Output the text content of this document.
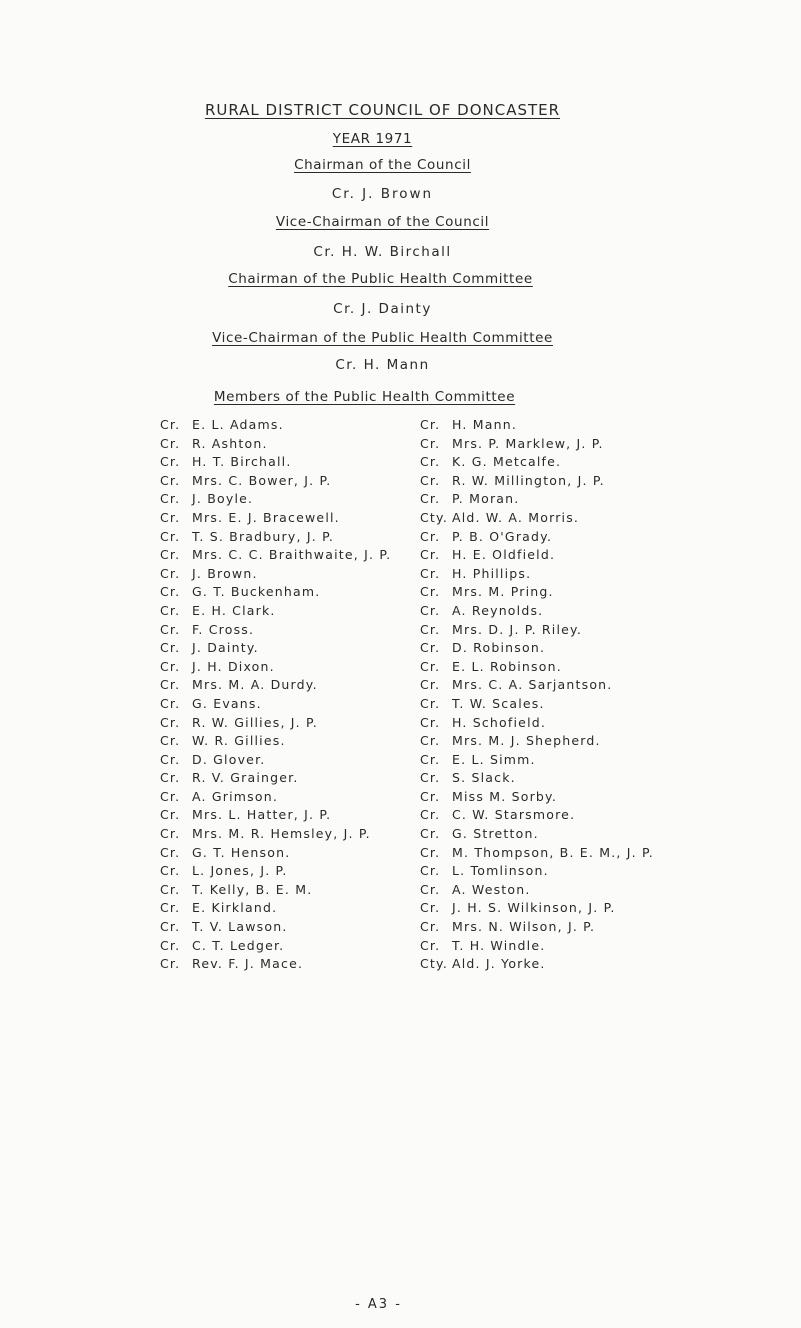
RURAL DISTRICT COUNCIL OF DONCASTER
YEAR 1971
Chairman of the Council
Cr. J. Brown
Vice-Chairman of the Council
Cr. H. W. Birchall
Chairman of the Public Health Committee
Cr. J. Dainty
Vice-Chairman of the Public Health Committee
Cr. H. Mann
Members of the Public Health Committee
Cr. E. L. Adams.
Cr. R. Ashton.
Cr. H. T. Birchall.
Cr. Mrs. C. Bower, J. P.
Cr. J. Boyle.
Cr. Mrs. E. J. Bracewell.
Cr. T. S. Bradbury, J. P.
Cr. Mrs. C. C. Braithwaite, J. P.
Cr. J. Brown.
Cr. G. T. Buckenham.
Cr. E. H. Clark.
Cr. F. Cross.
Cr. J. Dainty.
Cr. J. H. Dixon.
Cr. Mrs. M. A. Durdy.
Cr. G. Evans.
Cr. R. W. Gillies, J. P.
Cr. W. R. Gillies.
Cr. D. Glover.
Cr. R. V. Grainger.
Cr. A. Grimson.
Cr. Mrs. L. Hatter, J. P.
Cr. Mrs. M. R. Hemsley, J. P.
Cr. G. T. Henson.
Cr. L. Jones, J. P.
Cr. T. Kelly, B. E. M.
Cr. E. Kirkland.
Cr. T. V. Lawson.
Cr. C. T. Ledger.
Cr. Rev. F. J. Mace.
Cr. H. Mann.
Cr. Mrs. P. Marklew, J. P.
Cr. K. G. Metcalfe.
Cr. R. W. Millington, J. P.
Cr. P. Moran.
Cty. Ald. W. A. Morris.
Cr. P. B. O'Grady.
Cr. H. E. Oldfield.
Cr. H. Phillips.
Cr. Mrs. M. Pring.
Cr. A. Reynolds.
Cr. Mrs. D. J. P. Riley.
Cr. D. Robinson.
Cr. E. L. Robinson.
Cr. Mrs. C. A. Sarjantson.
Cr. T. W. Scales.
Cr. H. Schofield.
Cr. Mrs. M. J. Shepherd.
Cr. E. L. Simm.
Cr. S. Slack.
Cr. Miss M. Sorby.
Cr. C. W. Starsmore.
Cr. G. Stretton.
Cr. M. Thompson, B. E. M., J. P.
Cr. L. Tomlinson.
Cr. A. Weston.
Cr. J. H. S. Wilkinson, J. P.
Cr. Mrs. N. Wilson, J. P.
Cr. T. H. Windle.
Cty. Ald. J. Yorke.
- A3 -
